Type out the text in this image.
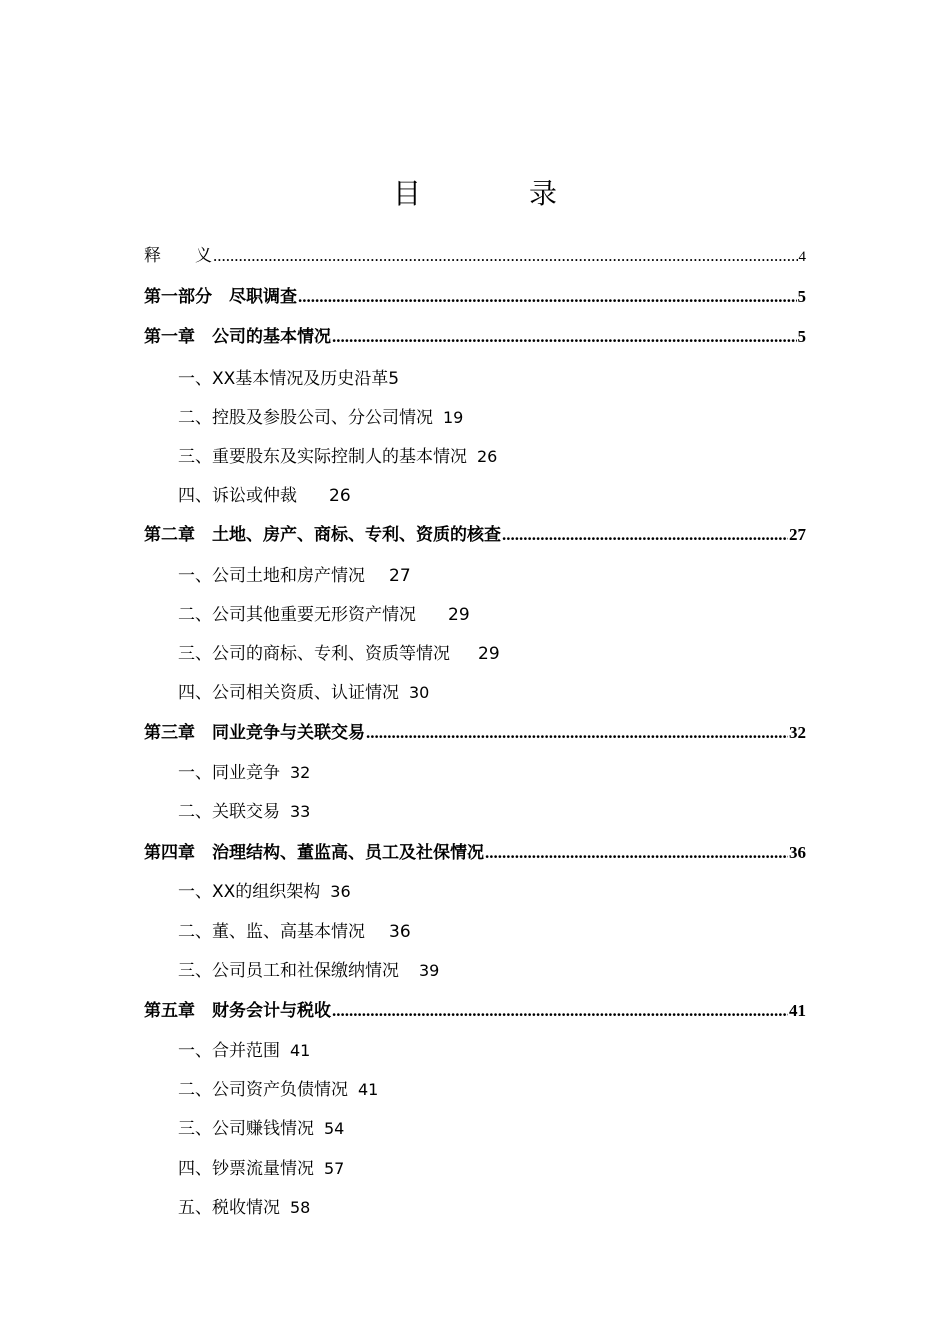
目　录
释　　义 .....	4
第一部分　尽职调查 .....	5
第一章　公司的基本情况 .....	5
一、XX基本情况及历史沿革5
二、控股及参股公司、分公司情况 19
三、重要股东及实际控制人的基本情况 26
四、诉讼或仲裁 26
第二章　土地、房产、商标、专利、资质的核查 .....	27
一、公司土地和房产情况 27
二、公司其他重要无形资产情况 29
三、公司的商标、专利、资质等情况 29
四、公司相关资质、认证情况 30
第三章　同业竞争与关联交易 .....	32
一、同业竞争 32
二、关联交易 33
第四章　治理结构、董监高、员工及社保情况 .....	36
一、XX的组织架构 36
二、董、监、高基本情况 36
三、公司员工和社保缴纳情况 39
第五章　财务会计与税收 .....	41
一、合并范围 41
二、公司资产负债情况 41
三、公司赚钱情况 54
四、钞票流量情况 57
五、税收情况 58
